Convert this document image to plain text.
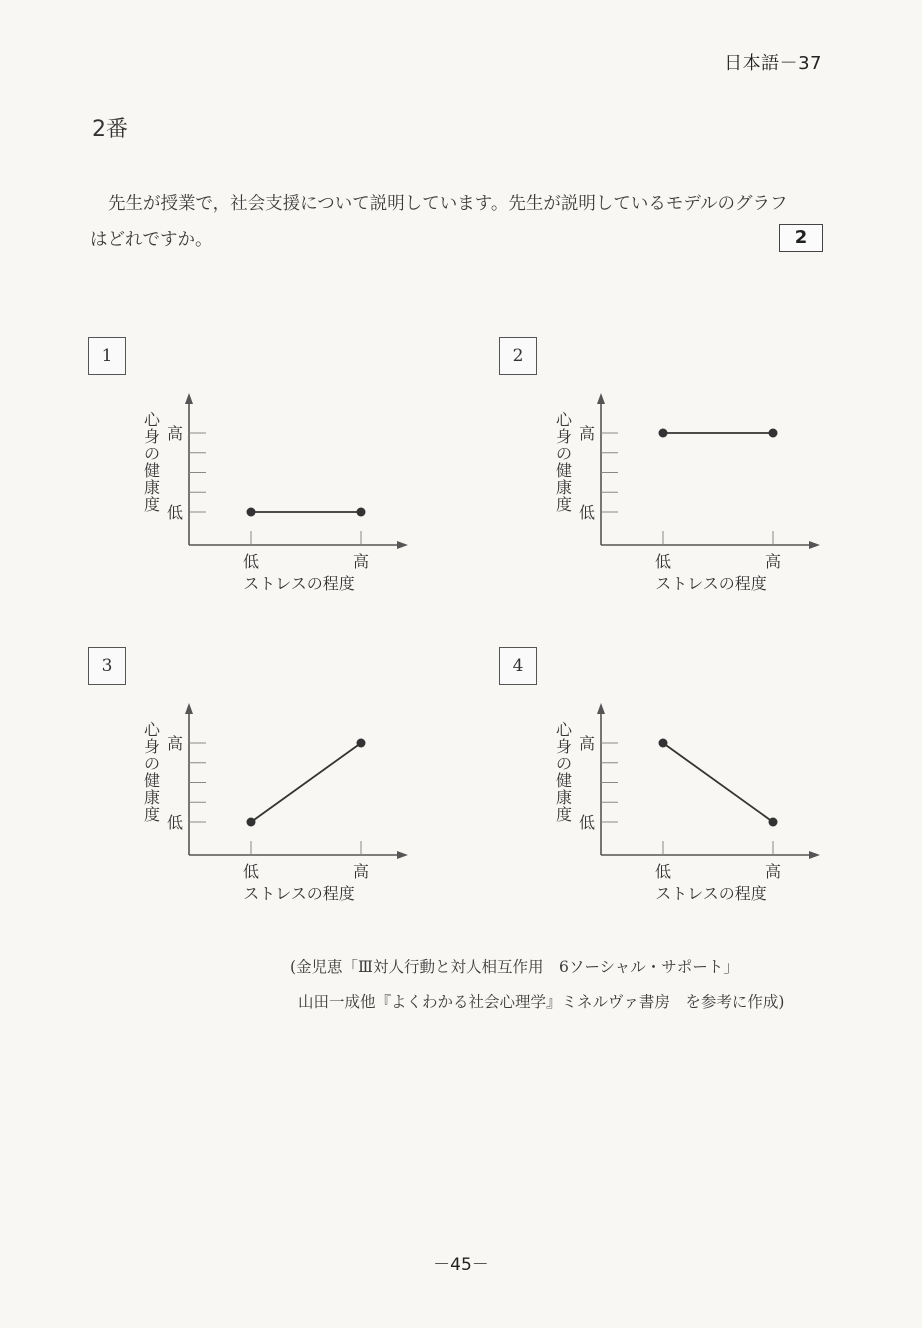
日本語－37
2番
先生が授業で，社会支援について説明しています。先生が説明しているモデルのグラフ
はどれですか。	2
1	2
3	4
高
低
心
身
の
健
康
度
低	高
ストレスの程度
高
低
心
身
の
健
康
度
低	高
ストレスの程度
高
低
心
身
の
健
康
度
低	高
ストレスの程度
高
低
心
身
の
健
康
度
低	高
ストレスの程度
(金児恵「Ⅲ対人行動と対人相互作用　6ソーシャル・サポート」
山田一成他『よくわかる社会心理学』ミネルヴァ書房　を参考に作成)
－45－
